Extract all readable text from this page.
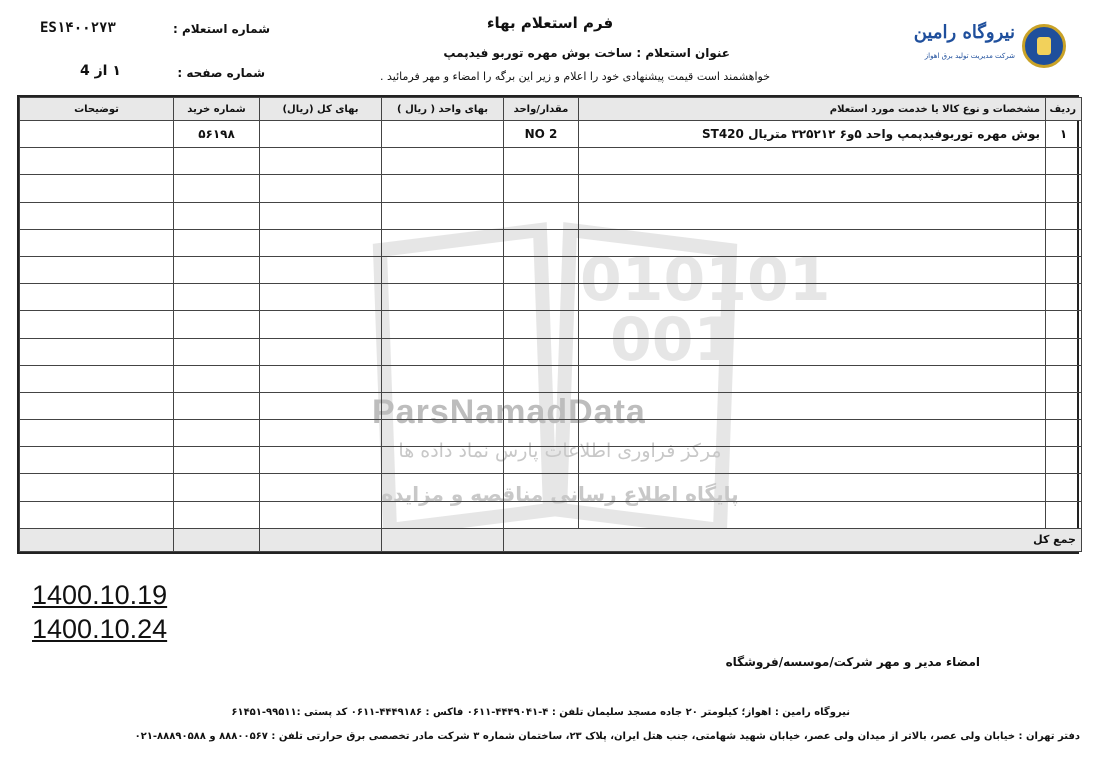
010101
001
ParsNamadData
مرکز فراوری اطلاعات پارس نماد داده ها
پایگاه اطلاع رسانی مناقصه و مزایده
فرم استعلام بهاء
شماره استعلام :
ES۱۴۰۰۲۷۳
شماره صفحه :
۱ از 4
عنوان استعلام : ساخت بوش مهره توربو فیدپمپ
خواهشمند است قیمت پیشنهادی خود را اعلام و زیر این برگه را امضاء و مهر فرمائید .
نیروگاه رامین
شرکت مدیریت تولید برق اهواز
ردیف	مشخصات و نوع کالا یا خدمت مورد استعلام	مقدار/واحد	بهای واحد ( ریال )	بهای کل (ریال)	شماره خرید	توضیحات
۱	بوش مهره توربوفیدپمپ واحد ۵و۶ ۳۲۵۲۱۲ متریال ST420	2 NO			۵۶۱۹۸	

جمع کل						
1400.10.19
1400.10.24
امضاء مدیر و مهر شرکت/موسسه/فروشگاه
نیروگاه رامین : اهواز؛ کیلومتر ۲۰ جاده مسجد سلیمان تلفن : ۴-۴۴۴۹۰۴۱-۰۶۱۱ فاکس : ۴۴۴۹۱۸۶-۰۶۱۱ کد پستی :۹۹۵۱۱-۶۱۴۵۱
دفتر تهران : خیابان ولی عصر، بالاتر از میدان ولی عصر، خیابان شهید شهامتی، جنب هتل ایران، پلاک ۲۳، ساختمان شماره ۳ شرکت مادر تخصصی برق حرارتی تلفن : ۸۸۸۰۰۵۶۷ و ۸۸۸۹۰۵۸۸-۰۲۱
